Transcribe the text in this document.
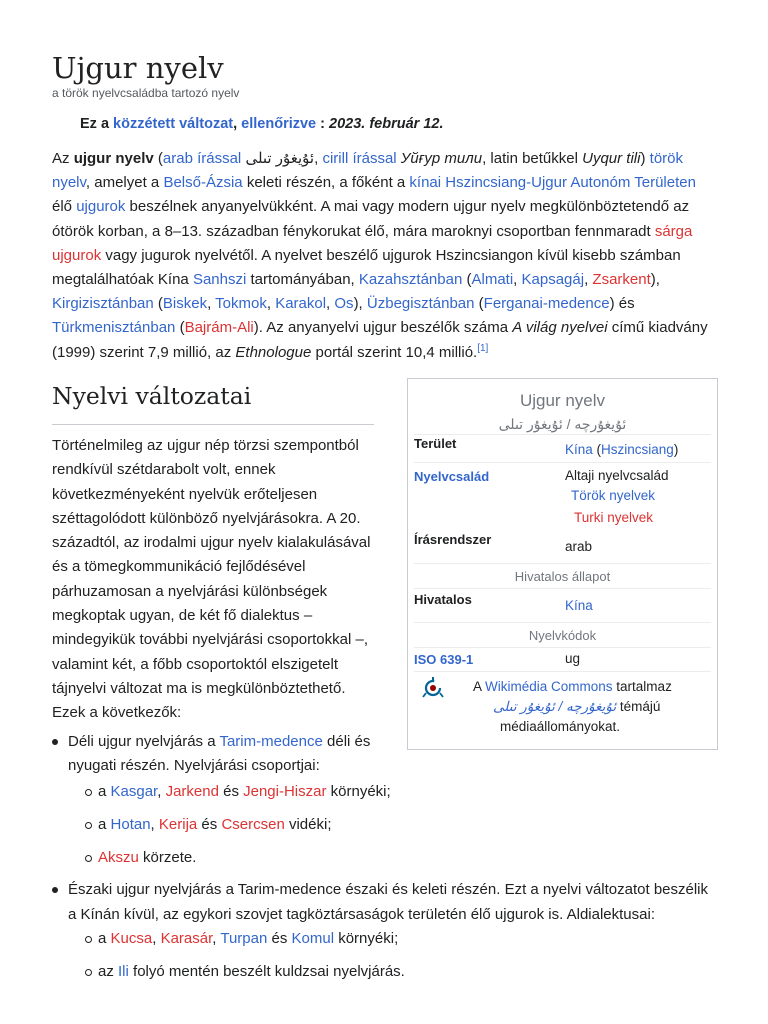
Ujgur nyelv
a török nyelvcsaládba tartozó nyelv
Ez a közzétett változat, ellenőrizve : 2023. február 12.

Az ujgur nyelv (arab írással ئۇيغۇر تىلى, cirill írással Уйғур тили, latin betűkkel Uyqur tili) török nyelv, amelyet a Belső-Ázsia keleti részén, a főként a kínai Hszincsiang-Ujgur Autonóm Területen élő ujgurok beszélnek anyanyelvükként. A mai vagy modern ujgur nyelv megkülönböztetendő az ótörök korban, a 8–13. században fénykorukat élő, mára maroknyi csoportban fennmaradt sárga ujgurok vagy jugurok nyelvétől. A nyelvet beszélő ujgurok Hszincsiangon kívül kisebb számban megtalálhatóak Kína Sanhszi tartományában, Kazahsztánban (Almati, Kapsagáj, Zsarkent), Kirgizisztánban (Biskek, Tokmok, Karakol, Os), Üzbegisztánban (Ferganai-medence) és Türkmenisztánban (Bajrám-Ali). Az anyanyelvi ujgur beszélők száma A világ nyelvei című kiadvány (1999) szerint 7,9 millió, az Ethnologue portál szerint 10,4 millió.[1]

Nyelvi változatai

Történelmileg az ujgur nép törzsi szempontból rendkívül szétdarabolt volt, ennek következményeként nyelvük erőteljesen széttagolódott különböző nyelvjárásokra. A 20. századtól, az irodalmi ujgur nyelv kialakulásával és a tömegkommunikáció fejlődésével párhuzamosan a nyelvjárási különbségek megkoptak ugyan, de két fő dialektus – mindegyikük további nyelvjárási csoportokkal –, valamint két, a főbb csoportoktól elszigetelt tájnyelvi változat ma is megkülönböztethető. Ezek a következők:

Déli ujgur nyelvjárás a Tarim-medence déli és
nyugati részén. Nyelvjárási csoportjai:
a Kasgar, Jarkend és Jengi-Hiszar környéki;
a Hotan, Kerija és Csercsen vidéki;
Akszu körzete.
Északi ujgur nyelvjárás a Tarim-medence északi és keleti részén. Ezt a nyelvi változatot beszélik
a Kínán kívül, az egykori szovjet tagköztársaságok területén élő ujgurok is. Aldialektusai:
a Kucsa, Karasár, Turpan és Komul környéki;
az Ili folyó mentén beszélt kuldzsai nyelvjárás.
Ujgur nyelv
ئۇيغۇرچە / ئۇيغۇر تىلى
Terület	Kína (Hszincsiang)
Nyelvcsalád	Altaji nyelvcsalád
Török nyelvek
Turki nyelvek
Írásrendszer	arab
Hivatalos állapot
Hivatalos	Kína
Nyelvkódok
ISO 639-1	ug
A Wikimédia Commons tartalmaz
ئۇيغۇرچە / ئۇيغۇر تىلى témájú
médiaállományokat.
